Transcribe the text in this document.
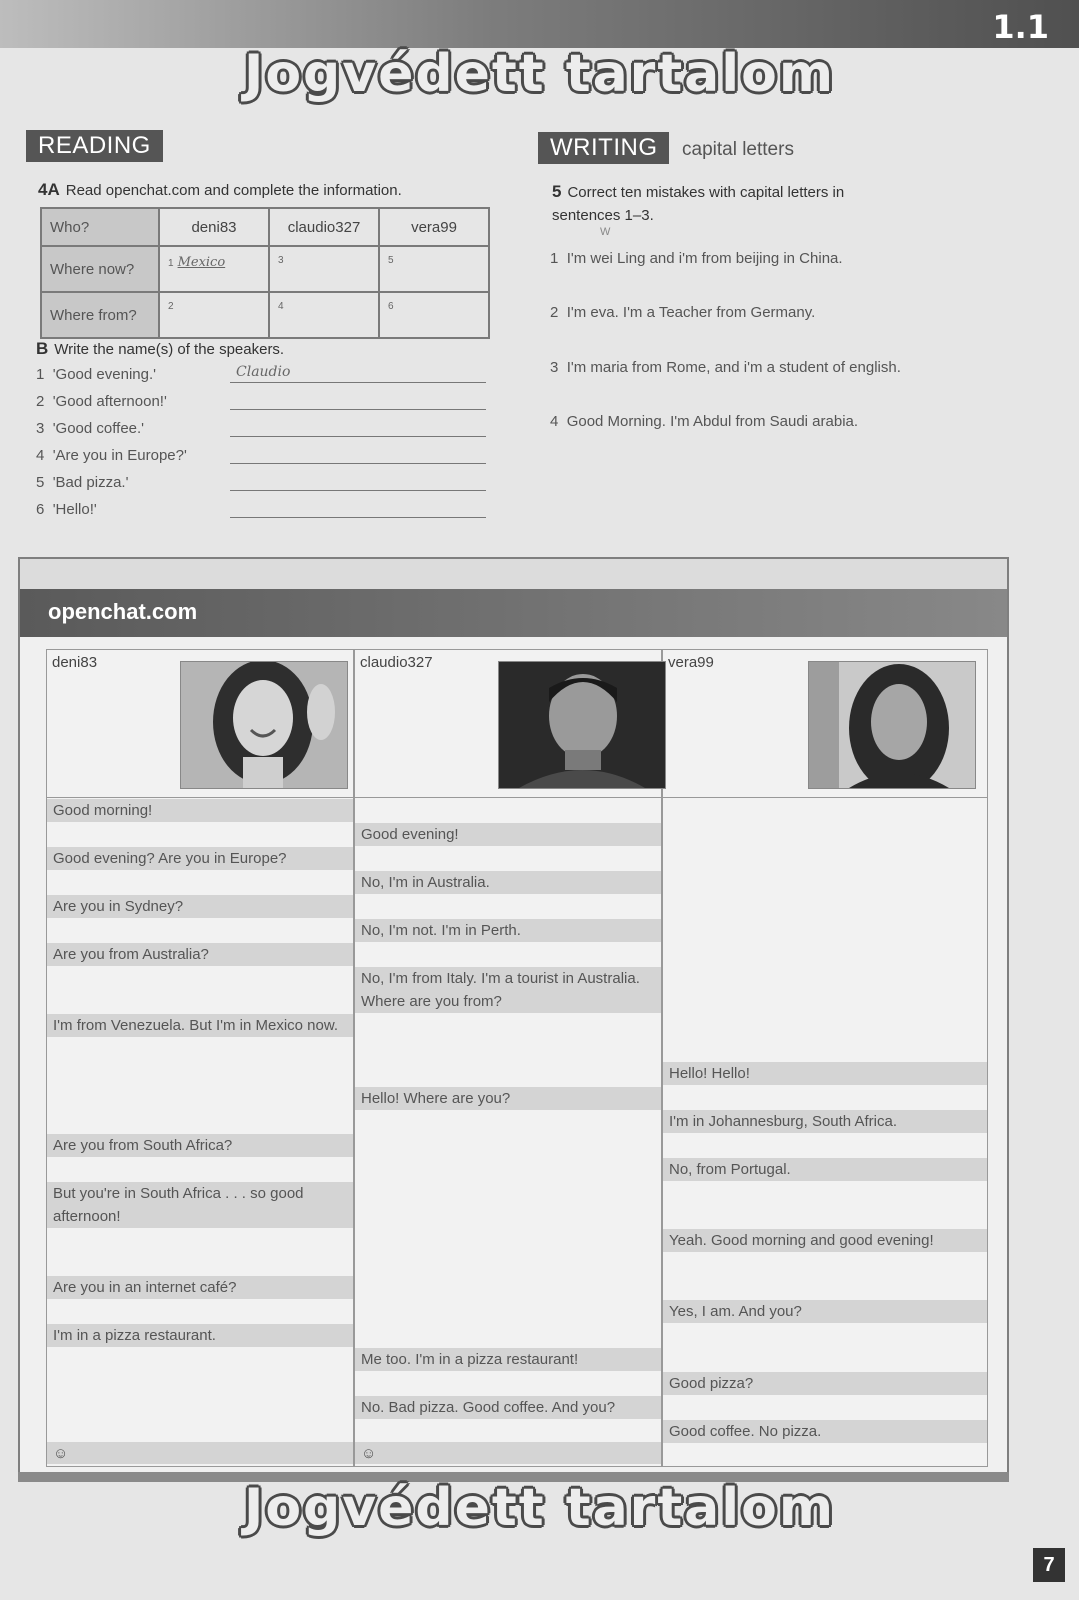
1.1
Jogvédett tartalom
READING
4A Read openchat.com and complete the information.
Who?	deni83	claudio327	vera99
Where now?	1 Mexico	3	5
Where from?	2	4	6
B Write the name(s) of the speakers.
1 'Good evening.'	Claudio
2 'Good afternoon!'
3 'Good coffee.'
4 'Are you in Europe?'
5 'Bad pizza.'
6 'Hello!'
WRITING	capital letters
5 Correct ten mistakes with capital letters in
sentences 1–3.
W
1 I'm wei Ling and i'm from beijing in China.
2 I'm eva. I'm a Teacher from Germany.
3 I'm maria from Rome, and i'm a student of english.
4 Good Morning. I'm Abdul from Saudi arabia.
openchat.com
deni83	claudio327	vera99
Good morning!
Good evening? Are you in Europe?
Are you in Sydney?
Are you from Australia?
I'm from Venezuela. But I'm in Mexico now.
Are you from South Africa?
But you're in South Africa . . . so good afternoon!
Are you in an internet café?
I'm in a pizza restaurant.
☺
Good evening!
No, I'm in Australia.
No, I'm not. I'm in Perth.
No, I'm from Italy. I'm a tourist in Australia. Where are you from?
Hello! Where are you?
Me too. I'm in a pizza restaurant!
No. Bad pizza. Good coffee. And you?
☺
Hello! Hello!
I'm in Johannesburg, South Africa.
No, from Portugal.
Yeah. Good morning and good evening!
Yes, I am. And you?
Good pizza?
Good coffee. No pizza.
Jogvédett tartalom
7
